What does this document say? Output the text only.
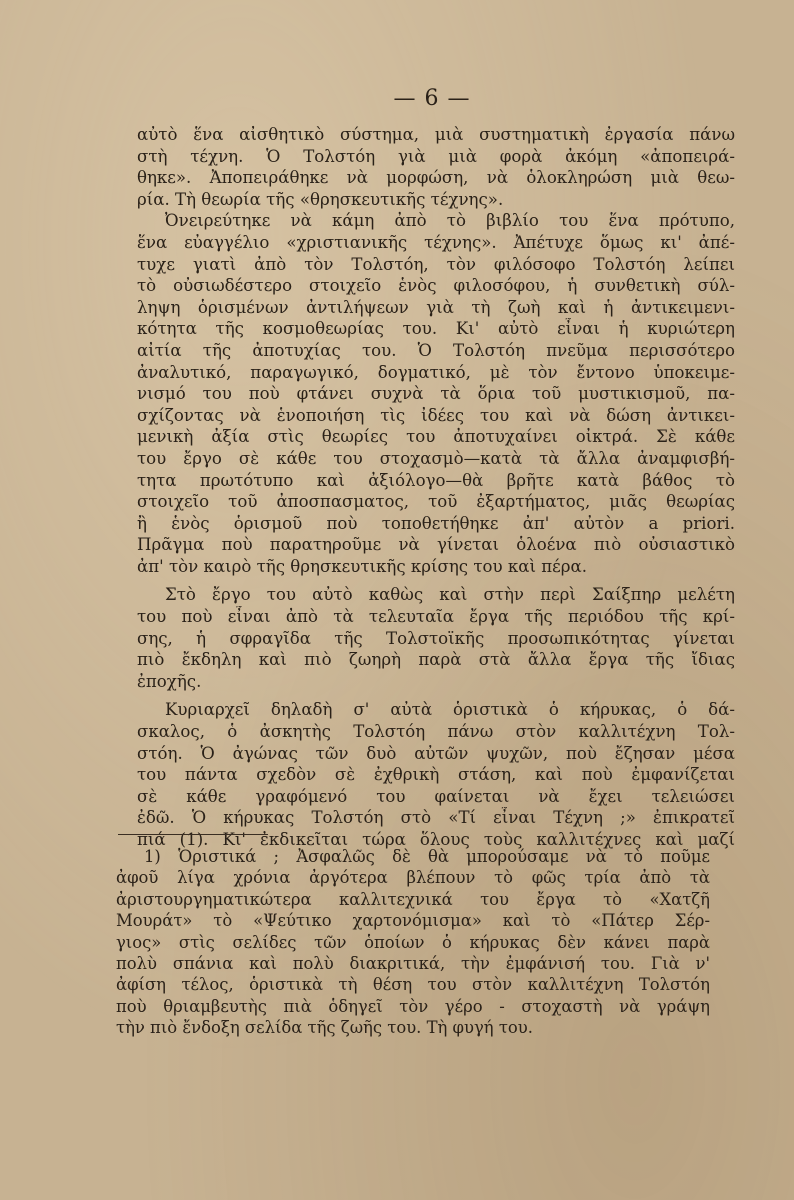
— 6 —
αὐτὸ ἕνα αἰσθητικὸ σύστημα, μιὰ συστηματικὴ ἐργασία πάνω
στὴ τέχνη. Ὁ Τολστόη γιὰ μιὰ φορὰ ἀκόμη «ἀποπειρά-
θηκε». Ἀποπειράθηκε νὰ μορφώση, νὰ ὁλοκληρώση μιὰ θεω-
ρία. Τὴ θεωρία τῆς «θρησκευτικῆς τέχνης».
Ὀνειρεύτηκε νὰ κάμη ἀπὸ τὸ βιβλίο του ἕνα πρότυπο,
ἕνα εὐαγγέλιο «χριστιανικῆς τέχνης». Ἀπέτυχε ὅμως κι' ἀπέ-
τυχε γιατὶ ἀπὸ τὸν Τολστόη, τὸν φιλόσοφο Τολστόη λείπει
τὸ οὐσιωδέστερο στοιχεῖο ἑνὸς φιλοσόφου, ἡ συνθετικὴ σύλ-
ληψη ὁρισμένων ἀντιλήψεων γιὰ τὴ ζωὴ καὶ ἡ ἀντικειμενι-
κότητα τῆς κοσμοθεωρίας του. Κι' αὐτὸ εἶναι ἡ κυριώτερη
αἰτία τῆς ἀποτυχίας του. Ὁ Τολστόη πνεῦμα περισσότερο
ἀναλυτικό, παραγωγικό, δογματικό, μὲ τὸν ἔντονο ὑποκειμε-
νισμό του ποὺ φτάνει συχνὰ τὰ ὅρια τοῦ μυστικισμοῦ, πα-
σχίζοντας νὰ ἑνοποιήση τὶς ἰδέες του καὶ νὰ δώση ἀντικει-
μενικὴ ἀξία στὶς θεωρίες του ἀποτυχαίνει οἰκτρά. Σὲ κάθε
του ἔργο σὲ κάθε του στοχασμὸ—κατὰ τὰ ἄλλα ἀναμφισβή-
τητα πρωτότυπο καὶ ἀξιόλογο—θὰ βρῆτε κατὰ βάθος τὸ
στοιχεῖο τοῦ ἀποσπασματος, τοῦ ἐξαρτήματος, μιᾶς θεωρίας
ἢ ἑνὸς ὁρισμοῦ ποὺ τοποθετήθηκε ἀπ' αὐτὸν a priori.
Πρᾶγμα ποὺ παρατηροῦμε νὰ γίνεται ὁλοένα πιὸ οὐσιαστικὸ
ἀπ' τὸν καιρὸ τῆς θρησκευτικῆς κρίσης του καὶ πέρα.
Στὸ ἔργο του αὐτὸ καθὼς καὶ στὴν περὶ Σαίξπηρ μελέτη
του ποὺ εἶναι ἀπὸ τὰ τελευταῖα ἔργα τῆς περιόδου τῆς κρί-
σης, ἡ σφραγῖδα τῆς Τολστοϊκῆς προσωπικότητας γίνεται
πιὸ ἔκδηλη καὶ πιὸ ζωηρὴ παρὰ στὰ ἄλλα ἔργα τῆς ἴδιας
ἐποχῆς.
Κυριαρχεῖ δηλαδὴ σ' αὐτὰ ὁριστικὰ ὁ κήρυκας, ὁ δά-
σκαλος, ὁ ἀσκητὴς Τολστόη πάνω στὸν καλλιτέχνη Τολ-
στόη. Ὁ ἀγώνας τῶν δυὸ αὐτῶν ψυχῶν, ποὺ ἔζησαν μέσα
του πάντα σχεδὸν σὲ ἐχθρικὴ στάση, καὶ ποὺ ἐμφανίζεται
σὲ κάθε γραφόμενό του φαίνεται νὰ ἔχει τελειώσει
ἐδῶ. Ὁ κήρυκας Τολστόη στὸ «Τί εἶναι Τέχνη ;» ἐπικρατεῖ
πιά (1). Κι' ἐκδικεῖται τώρα ὅλους τοὺς καλλιτέχνες καὶ μαζί
1) Ὁριστικά ; Ἀσφαλῶς δὲ θὰ μπορούσαμε νὰ τὸ ποῦμε
ἀφοῦ λίγα χρόνια ἀργότερα βλέπουν τὸ φῶς τρία ἀπὸ τὰ
ἀριστουργηματικώτερα καλλιτεχνικά του ἔργα τὸ «Χατζῆ
Μουράτ» τὸ «Ψεύτικο χαρτονόμισμα» καὶ τὸ «Πάτερ Σέρ-
γιος» στὶς σελίδες τῶν ὁποίων ὁ κήρυκας δὲν κάνει παρὰ
πολὺ σπάνια καὶ πολὺ διακριτικά, τὴν ἐμφάνισή του. Γιὰ ν'
ἀφίση τέλος, ὁριστικὰ τὴ θέση του στὸν καλλιτέχνη Τολστόη
ποὺ θριαμβευτὴς πιὰ ὁδηγεῖ τὸν γέρο - στοχαστὴ νὰ γράψη
τὴν πιὸ ἔνδοξη σελίδα τῆς ζωῆς του. Τὴ φυγή του.
